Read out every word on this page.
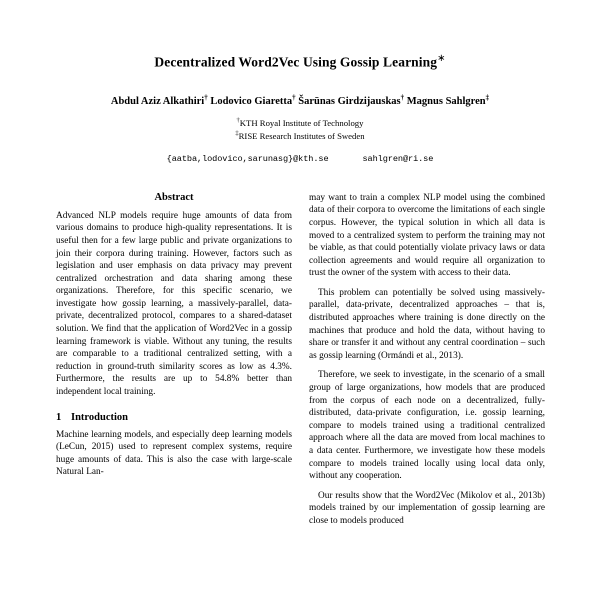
Decentralized Word2Vec Using Gossip Learning∗
Abdul Aziz Alkathiri† Lodovico Giaretta† Šarūnas Girdzijauskas† Magnus Sahlgren‡
†KTH Royal Institute of Technology
‡RISE Research Institutes of Sweden
{aatba,lodovico,sarunasg}@kth.se	sahlgren@ri.se
Abstract

Advanced NLP models require huge amounts of data from various domains to produce high-quality representations. It is useful then for a few large public and private organizations to join their corpora during training. However, factors such as legislation and user emphasis on data privacy may prevent centralized orchestration and data sharing among these organizations. Therefore, for this specific scenario, we investigate how gossip learning, a massively-parallel, data-private, decentralized protocol, compares to a shared-dataset solution. We find that the application of Word2Vec in a gossip learning framework is viable. Without any tuning, the results are comparable to a traditional centralized setting, with a reduction in ground-truth similarity scores as low as 4.3%. Furthermore, the results are up to 54.8% better than independent local training.

1 Introduction

Machine learning models, and especially deep learning models (LeCun, 2015) used to represent complex systems, require huge amounts of data. This is also the case with large-scale Natural Lan-

may want to train a complex NLP model using the combined data of their corpora to overcome the limitations of each single corpus. However, the typical solution in which all data is moved to a centralized system to perform the training may not be viable, as that could potentially violate privacy laws or data collection agreements and would require all organization to trust the owner of the system with access to their data.

This problem can potentially be solved using massively-parallel, data-private, decentralized approaches – that is, distributed approaches where training is done directly on the machines that produce and hold the data, without having to share or transfer it and without any central coordination – such as gossip learning (Ormándi et al., 2013).

Therefore, we seek to investigate, in the scenario of a small group of large organizations, how models that are produced from the corpus of each node on a decentralized, fully-distributed, data-private configuration, i.e. gossip learning, compare to models trained using a traditional centralized approach where all the data are moved from local machines to a data center. Furthermore, we investigate how these models compare to models trained locally using local data only, without any cooperation.

Our results show that the Word2Vec (Mikolov et al., 2013b) models trained by our implementation of gossip learning are close to models produced
